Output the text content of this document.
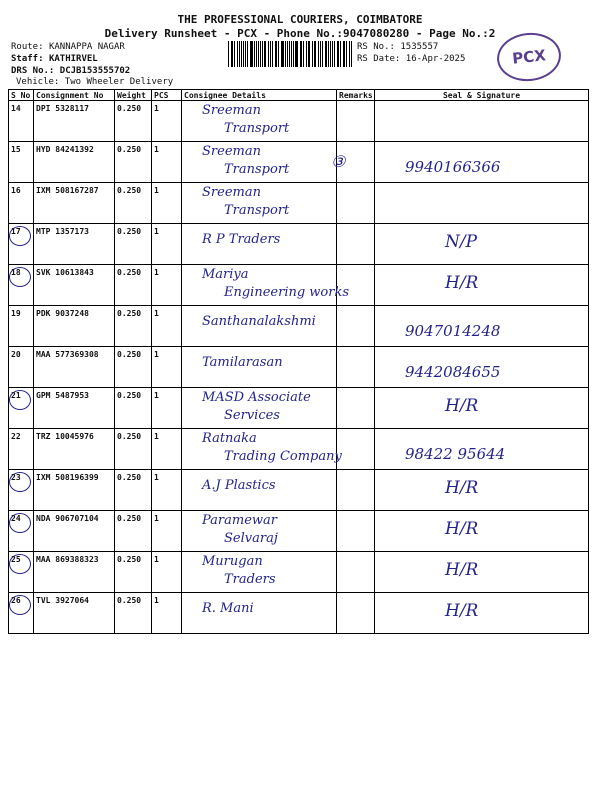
THE PROFESSIONAL COURIERS, COIMBATORE
Delivery Runsheet - PCX - Phone No.:9047080280 - Page No.:2
Route: KANNAPPA NAGAR
Staff: KATHIRVEL
DRS No.: DCJB153555702
Vehicle: Two Wheeler Delivery
RS No.: 1535557
RS Date: 16-Apr-2025	PCX
S No	Consignment No	Weight	PCS	Consignee Details	Remarks	Seal & Signature

14	DPI 5328117	0.250	1	Sreeman
Transport		

15	HYD 84241392	0.250	1	Sreeman
Transport	③	9940166366

16	IXM 508167287	0.250	1	Sreeman
Transport		

17	MTP 1357173	0.250	1	R P Traders		N/P

18	SVK 10613843	0.250	1	Mariya
Engineering works		H/R

19	PDK 9037248	0.250	1	Santhanalakshmi		9047014248

20	MAA 577369308	0.250	1	Tamilarasan		9442084655

21	GPM 5487953	0.250	1	MASD Associate
Services		H/R

22	TRZ 10045976	0.250	1	Ratnaka
Trading Company		98422 95644

23	IXM 508196399	0.250	1	A.J Plastics		H/R

24	NDA 906707104	0.250	1	Paramewar
Selvaraj		H/R

25	MAA 869388323	0.250	1	Murugan
Traders		H/R

26	TVL 3927064	0.250	1	R. Mani		H/R
